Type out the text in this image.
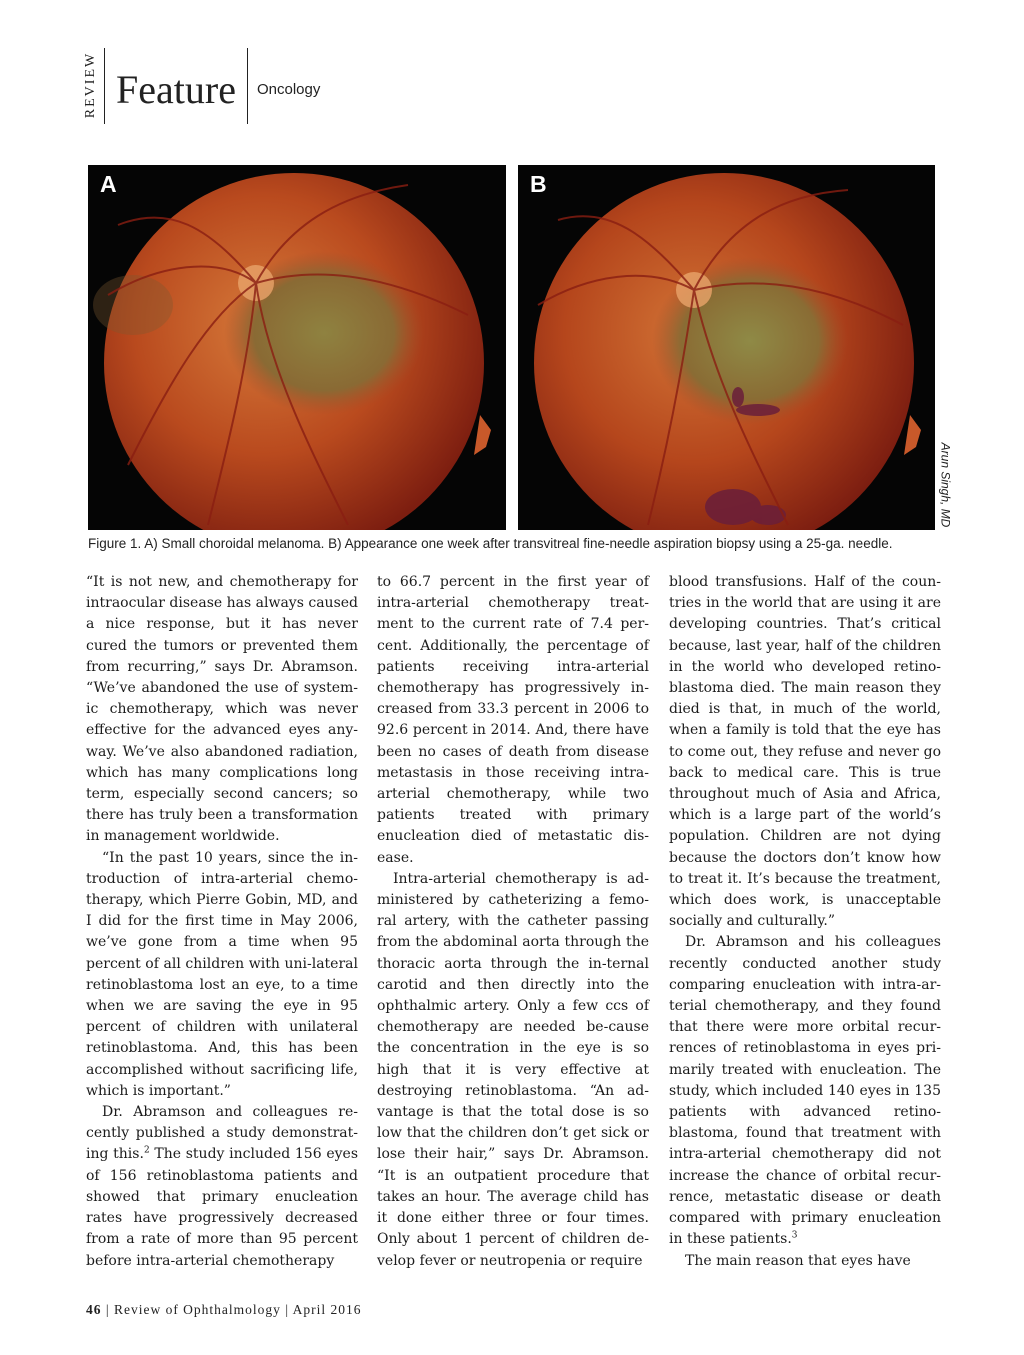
REVIEW Feature Oncology
A	B
Arun Singh, MD
Figure 1. A) Small choroidal melanoma. B) Appearance one week after transvitreal fine-needle aspiration biopsy using a 25-ga. needle.

“It is not new, and chemotherapy for intraocular disease has always caused a nice response, but it has never cured the tumors or prevented them from recurring,” says Dr. Abramson. “We’ve abandoned the use of system-ic chemotherapy, which was never effective for the advanced eyes any-way. We’ve also abandoned radiation, which has many complications long term, especially second cancers; so there has truly been a transformation in management worldwide.

“In the past 10 years, since the in-troduction of intra-arterial chemo-therapy, which Pierre Gobin, MD, and I did for the first time in May 2006, we’ve gone from a time when 95 percent of all children with uni-lateral retinoblastoma lost an eye, to a time when we are saving the eye in 95 percent of children with unilateral retinoblastoma. And, this has been accomplished without sacrificing life, which is important.”

Dr. Abramson and colleagues re-cently published a study demonstrat-ing this.$^2$ The study included 156 eyes of 156 retinoblastoma patients and showed that primary enucleation rates have progressively decreased from a rate of more than 95 percent before intra-arterial chemotherapy

to 66.7 percent in the first year of intra-arterial chemotherapy treat-ment to the current rate of 7.4 per-cent. Additionally, the percentage of patients receiving intra-arterial chemotherapy has progressively in-creased from 33.3 percent in 2006 to 92.6 percent in 2014. And, there have been no cases of death from disease metastasis in those receiving intra-arterial chemotherapy, while two patients treated with primary enucleation died of metastatic dis-ease.

Intra-arterial chemotherapy is ad-ministered by catheterizing a femo-ral artery, with the catheter passing from the abdominal aorta through the thoracic aorta through the in-ternal carotid and then directly into the ophthalmic artery. Only a few ccs of chemotherapy are needed be-cause the concentration in the eye is so high that it is very effective at destroying retinoblastoma. “An ad-vantage is that the total dose is so low that the children don’t get sick or lose their hair,” says Dr. Abramson. “It is an outpatient procedure that takes an hour. The average child has it done either three or four times. Only about 1 percent of children de-velop fever or neutropenia or require

blood transfusions. Half of the coun-tries in the world that are using it are developing countries. That’s critical because, last year, half of the children in the world who developed retino-blastoma died. The main reason they died is that, in much of the world, when a family is told that the eye has to come out, they refuse and never go back to medical care. This is true throughout much of Asia and Africa, which is a large part of the world’s population. Children are not dying because the doctors don’t know how to treat it. It’s because the treatment, which does work, is unacceptable socially and culturally.”

Dr. Abramson and his colleagues recently conducted another study comparing enucleation with intra-ar-terial chemotherapy, and they found that there were more orbital recur-rences of retinoblastoma in eyes pri-marily treated with enucleation. The study, which included 140 eyes in 135 patients with advanced retino-blastoma, found that treatment with intra-arterial chemotherapy did not increase the chance of orbital recur-rence, metastatic disease or death compared with primary enucleation in these patients.$^3$

The main reason that eyes have

46 | Review of Ophthalmology | April 2016
